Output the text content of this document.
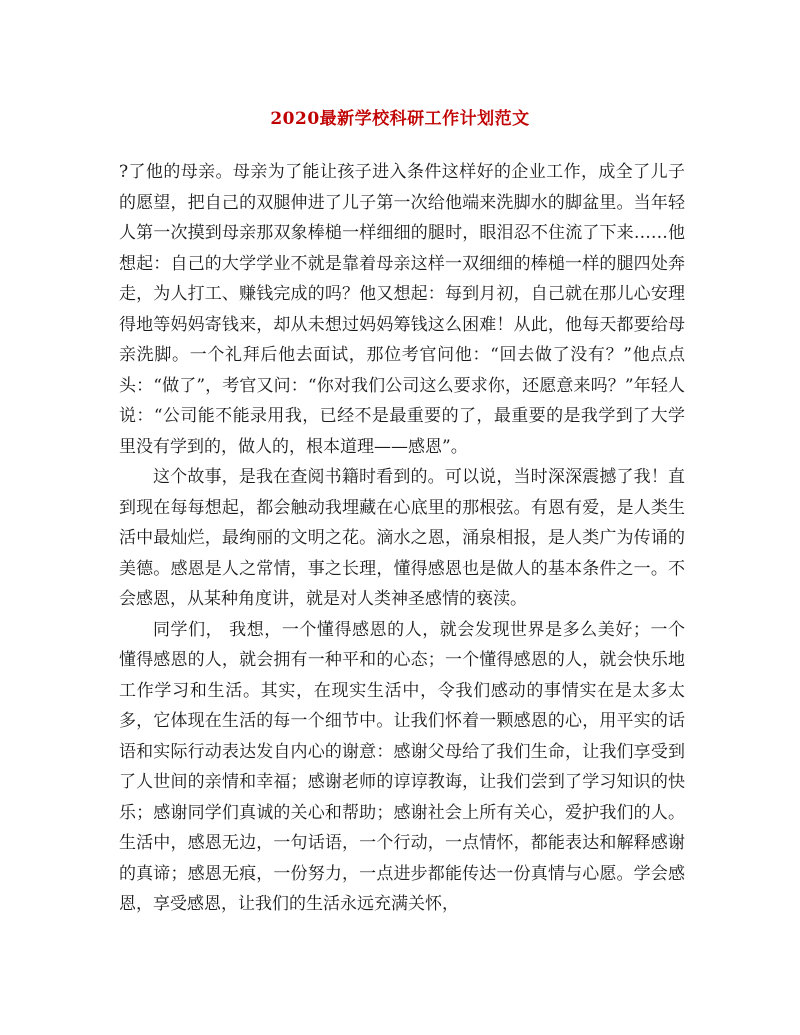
2020最新学校科研工作计划范文

?了他的母亲。母亲为了能让孩子进入条件这样好的企业工作，成全了儿子的愿望，把自己的双腿伸进了儿子第一次给他端来洗脚水的脚盆里。当年轻人第一次摸到母亲那双象棒槌一样细细的腿时，眼泪忍不住流了下来……他想起：自己的大学学业不就是靠着母亲这样一双细细的棒槌一样的腿四处奔走，为人打工、赚钱完成的吗？他又想起：每到月初，自己就在那儿心安理得地等妈妈寄钱来，却从未想过妈妈筹钱这么困难！从此，他每天都要给母亲洗脚。一个礼拜后他去面试，那位考官问他：“回去做了没有？”他点点头：“做了”，考官又问：“你对我们公司这么要求你，还愿意来吗？”年轻人说：“公司能不能录用我，已经不是最重要的了，最重要的是我学到了大学里没有学到的，做人的，根本道理——感恩”。

这个故事，是我在查阅书籍时看到的。可以说，当时深深震撼了我！直到现在每每想起，都会触动我埋藏在心底里的那根弦。有恩有爱，是人类生活中最灿烂，最绚丽的文明之花。滴水之恩，涌泉相报，是人类广为传诵的美德。感恩是人之常情，事之长理，懂得感恩也是做人的基本条件之一。不会感恩，从某种角度讲，就是对人类神圣感情的亵渎。

同学们， 我想，一个懂得感恩的人，就会发现世界是多么美好；一个懂得感恩的人，就会拥有一种平和的心态；一个懂得感恩的人，就会快乐地工作学习和生活。其实，在现实生活中，令我们感动的事情实在是太多太多，它体现在生活的每一个细节中。让我们怀着一颗感恩的心，用平实的话语和实际行动表达发自内心的谢意：感谢父母给了我们生命，让我们享受到了人世间的亲情和幸福；感谢老师的谆谆教诲，让我们尝到了学习知识的快乐；感谢同学们真诚的关心和帮助；感谢社会上所有关心，爱护我们的人。生活中，感恩无边，一句话语，一个行动，一点情怀，都能表达和解释感谢的真谛；感恩无痕，一份努力，一点进步都能传达一份真情与心愿。学会感恩，享受感恩，让我们的生活永远充满关怀，
